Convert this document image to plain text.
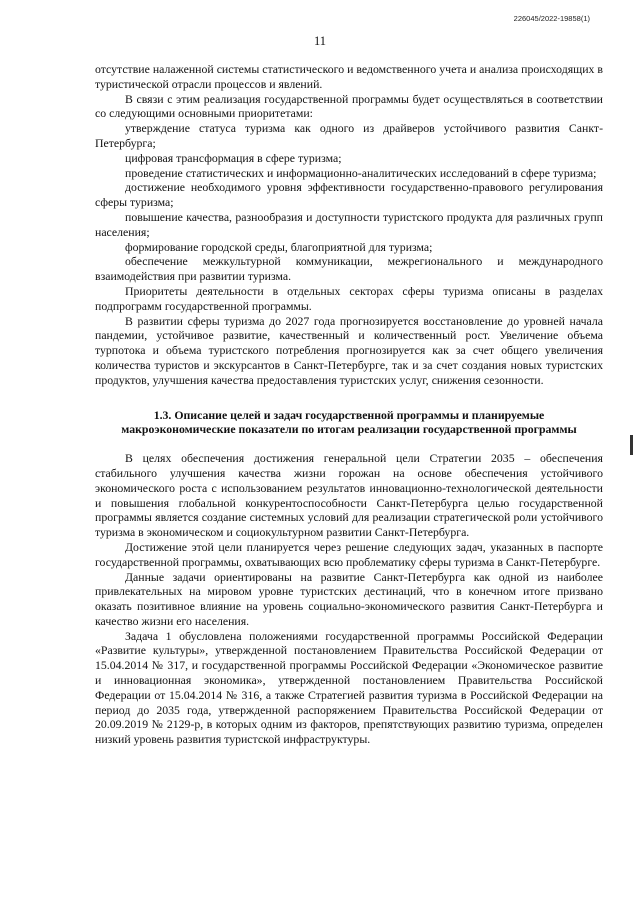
226045/2022-19858(1)
11

отсутствие налаженной системы статистического и ведомственного учета и анализа происходящих в туристической отрасли процессов и явлений.

В связи с этим реализация государственной программы будет осуществляться в соответствии со следующими основными приоритетами:

утверждение статуса туризма как одного из драйверов устойчивого развития Санкт-Петербурга;

цифровая трансформация в сфере туризма;

проведение статистических и информационно-аналитических исследований в сфере туризма;

достижение необходимого уровня эффективности государственно-правового регулирования сферы туризма;

повышение качества, разнообразия и доступности туристского продукта для различных групп населения;

формирование городской среды, благоприятной для туризма;

обеспечение межкультурной коммуникации, межрегионального и международного взаимодействия при развитии туризма.

Приоритеты деятельности в отдельных секторах сферы туризма описаны в разделах подпрограмм государственной программы.

В развитии сферы туризма до 2027 года прогнозируется восстановление до уровней начала пандемии, устойчивое развитие, качественный и количественный рост. Увеличение объема турпотока и объема туристского потребления прогнозируется как за счет общего увеличения количества туристов и экскурсантов в Санкт-Петербурге, так и за счет создания новых туристских продуктов, улучшения качества предоставления туристских услуг, снижения сезонности.

1.3. Описание целей и задач государственной программы и планируемые
макроэкономические показатели по итогам реализации государственной программы

В целях обеспечения достижения генеральной цели Стратегии 2035 – обеспечения стабильного улучшения качества жизни горожан на основе обеспечения устойчивого экономического роста с использованием результатов инновационно-технологической деятельности и повышения глобальной конкурентоспособности Санкт-Петербурга целью государственной программы является создание системных условий для реализации стратегической роли устойчивого туризма в экономическом и социокультурном развитии Санкт-Петербурга.

Достижение этой цели планируется через решение следующих задач, указанных в паспорте государственной программы, охватывающих всю проблематику сферы туризма в Санкт-Петербурге.

Данные задачи ориентированы на развитие Санкт-Петербурга как одной из наиболее привлекательных на мировом уровне туристских дестинаций, что в конечном итоге призвано оказать позитивное влияние на уровень социально-экономического развития Санкт-Петербурга и качество жизни его населения.

Задача 1 обусловлена положениями государственной программы Российской Федерации «Развитие культуры», утвержденной постановлением Правительства Российской Федерации от 15.04.2014 № 317, и государственной программы Российской Федерации «Экономическое развитие и инновационная экономика», утвержденной постановлением Правительства Российской Федерации от 15.04.2014 № 316, а также Стратегией развития туризма в Российской Федерации на период до 2035 года, утвержденной распоряжением Правительства Российской Федерации от 20.09.2019 № 2129-р, в которых одним из факторов, препятствующих развитию туризма, определен низкий уровень развития туристской инфраструктуры.
